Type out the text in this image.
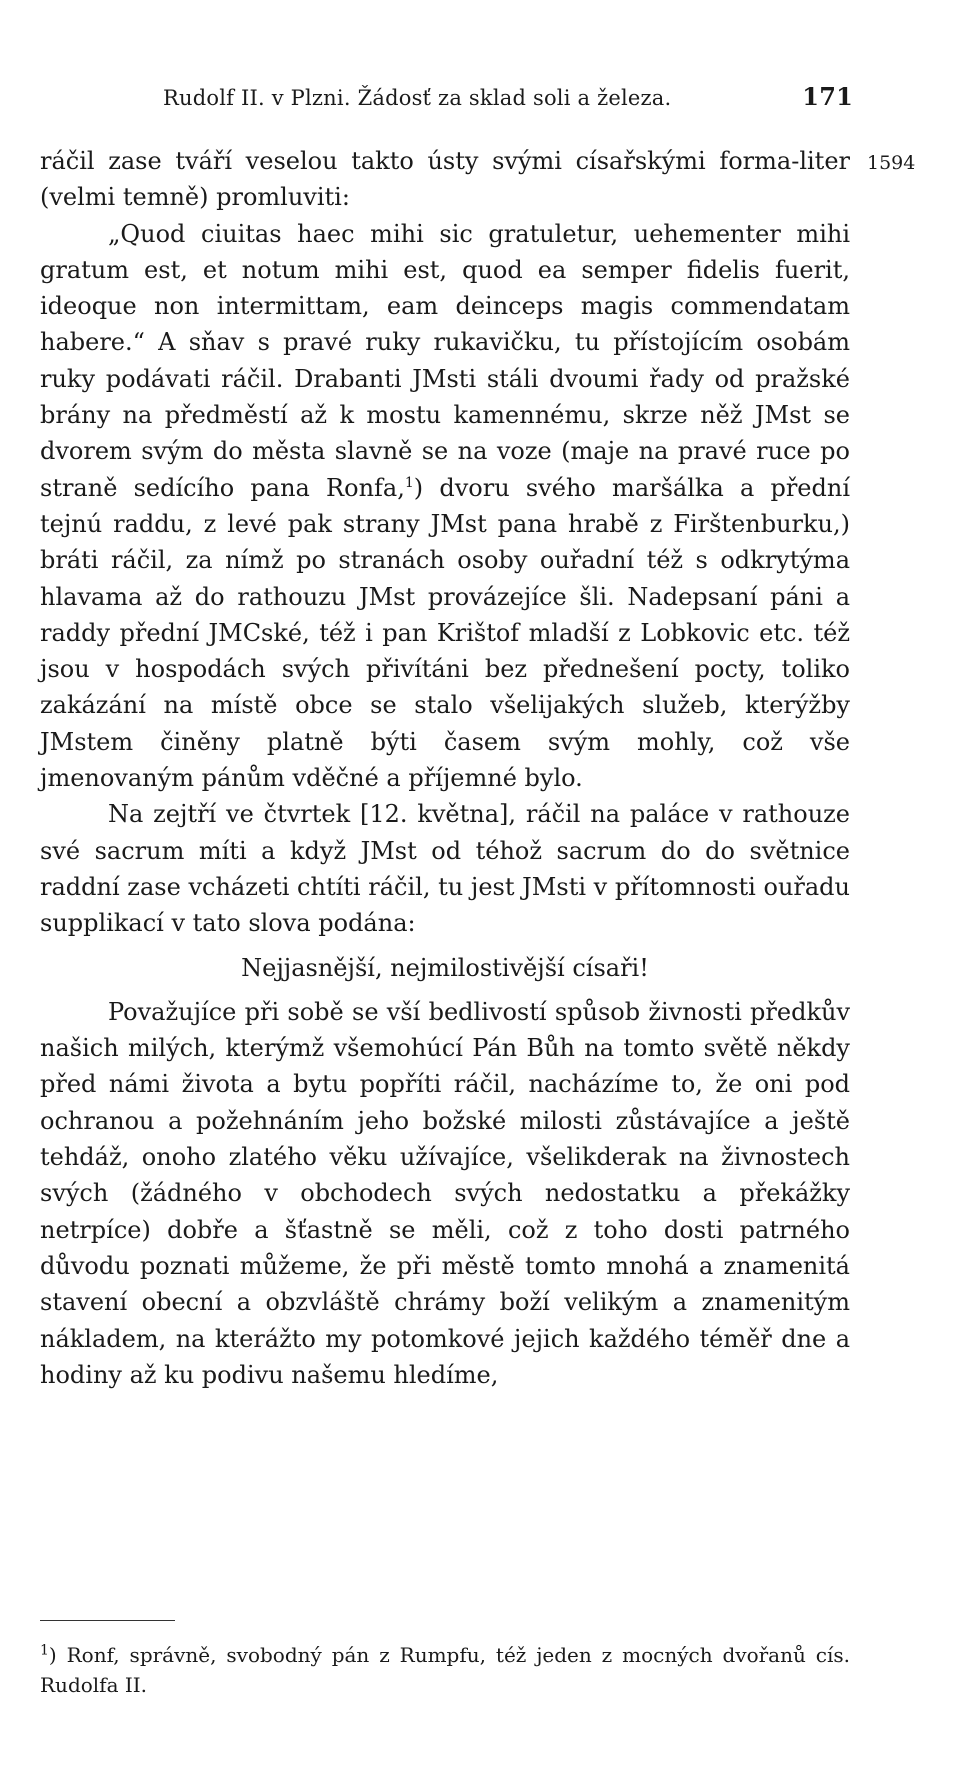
Rudolf II. v Plzni. Žádosť za sklad soli a železa.	171
1594

ráčil zase tváří veselou takto ústy svými císařskými forma-liter (velmi temně) promluviti:

„Quod ciuitas haec mihi sic gratuletur, uehementer mihi gratum est, et notum mihi est, quod ea semper fidelis fuerit, ideoque non intermittam, eam deinceps magis commendatam habere.“ A sňav s pravé ruky rukavičku, tu přístojícím osobám ruky podávati ráčil. Drabanti JMsti stáli dvoumi řady od pražské brány na předměstí až k mostu kamennému, skrze něž JMst se dvorem svým do města slavně se na voze (maje na pravé ruce po straně sedícího pana Ronfa,$^1$) dvoru svého maršálka a přední tejnú raddu, z levé pak strany JMst pana hrabě z Firštenburku,) bráti ráčil, za nímž po stranách osoby ouřadní též s odkrytýma hlavama až do rathouzu JMst provázejíce šli. Nadepsaní páni a raddy přední JMCské, též i pan Krištof mladší z Lobkovic etc. též jsou v hospodách svých přivítáni bez přednešení pocty, toliko zakázání na místě obce se stalo všelijakých služeb, kterýžby JMstem činěny platně býti časem svým mohly, což vše jmenovaným pánům vděčné a příjemné bylo.

Na zejtří ve čtvrtek [12. května], ráčil na paláce v rathouze své sacrum míti a když JMst od téhož sacrum do do světnice raddní zase vcházeti chtíti ráčil, tu jest JMsti v přítomnosti ouřadu supplikací v tato slova podána:

Nejjasnější, nejmilostivější císaři!

Považujíce při sobě se vší bedlivostí spůsob živnosti předkův našich milých, kterýmž všemohúcí Pán Bůh na tomto světě někdy před námi života a bytu popříti ráčil, nacházíme to, že oni pod ochranou a požehnáním jeho božské milosti zůstávajíce a ještě tehdáž, onoho zlatého věku užívajíce, všelikderak na živnostech svých (žádného v obchodech svých nedostatku a překážky netrpíce) dobře a šťastně se měli, což z toho dosti patrného důvodu poznati můžeme, že při městě tomto mnohá a znamenitá stavení obecní a obzvláště chrámy boží velikým a znamenitým nákladem, na kterážto my potomkové jejich každého téměř dne a hodiny až ku podivu našemu hledíme,

$^1$) Ronf, správně, svobodný pán z Rumpfu, též jeden z mocných dvořanů cís. Rudolfa II.
